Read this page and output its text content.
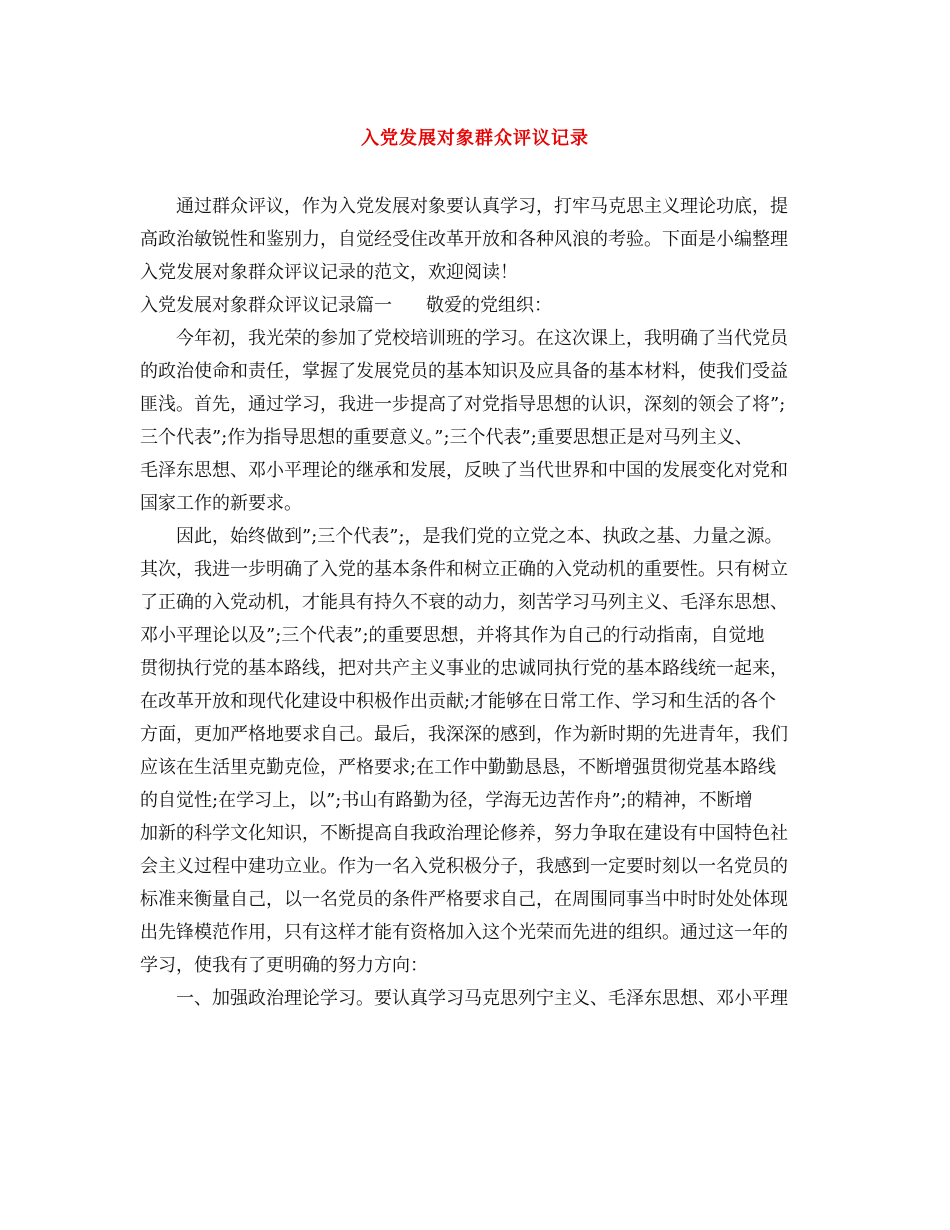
入党发展对象群众评议记录
通过群众评议，作为入党发展对象要认真学习，打牢马克思主义理论功底，提
高政治敏锐性和鉴别力，自觉经受住改革开放和各种风浪的考验。下面是小编整理
入党发展对象群众评议记录的范文，欢迎阅读！
入党发展对象群众评议记录篇一 敬爱的党组织：
今年初，我光荣的参加了党校培训班的学习。在这次课上，我明确了当代党员
的政治使命和责任，掌握了发展党员的基本知识及应具备的基本材料，使我们受益
匪浅。首先，通过学习，我进一步提高了对党指导思想的认识，深刻的领会了将”;
三个代表”;作为指导思想的重要意义。”;三个代表”;重要思想正是对马列主义、
毛泽东思想、邓小平理论的继承和发展，反映了当代世界和中国的发展变化对党和
国家工作的新要求。
因此，始终做到”;三个代表”;，是我们党的立党之本、执政之基、力量之源。
其次，我进一步明确了入党的基本条件和树立正确的入党动机的重要性。只有树立
了正确的入党动机，才能具有持久不衰的动力，刻苦学习马列主义、毛泽东思想、
邓小平理论以及”;三个代表”;的重要思想，并将其作为自己的行动指南，自觉地
贯彻执行党的基本路线，把对共产主义事业的忠诚同执行党的基本路线统一起来，
在改革开放和现代化建设中积极作出贡献;才能够在日常工作、学习和生活的各个
方面，更加严格地要求自己。最后，我深深的感到，作为新时期的先进青年，我们
应该在生活里克勤克俭，严格要求;在工作中勤勤恳恳，不断增强贯彻党基本路线
的自觉性;在学习上，以”;书山有路勤为径，学海无边苦作舟”;的精神，不断增
加新的科学文化知识，不断提高自我政治理论修养，努力争取在建设有中国特色社
会主义过程中建功立业。作为一名入党积极分子，我感到一定要时刻以一名党员的
标准来衡量自己，以一名党员的条件严格要求自己，在周围同事当中时时处处体现
出先锋模范作用，只有这样才能有资格加入这个光荣而先进的组织。通过这一年的
学习，使我有了更明确的努力方向：
一、加强政治理论学习。要认真学习马克思列宁主义、毛泽东思想、邓小平理
